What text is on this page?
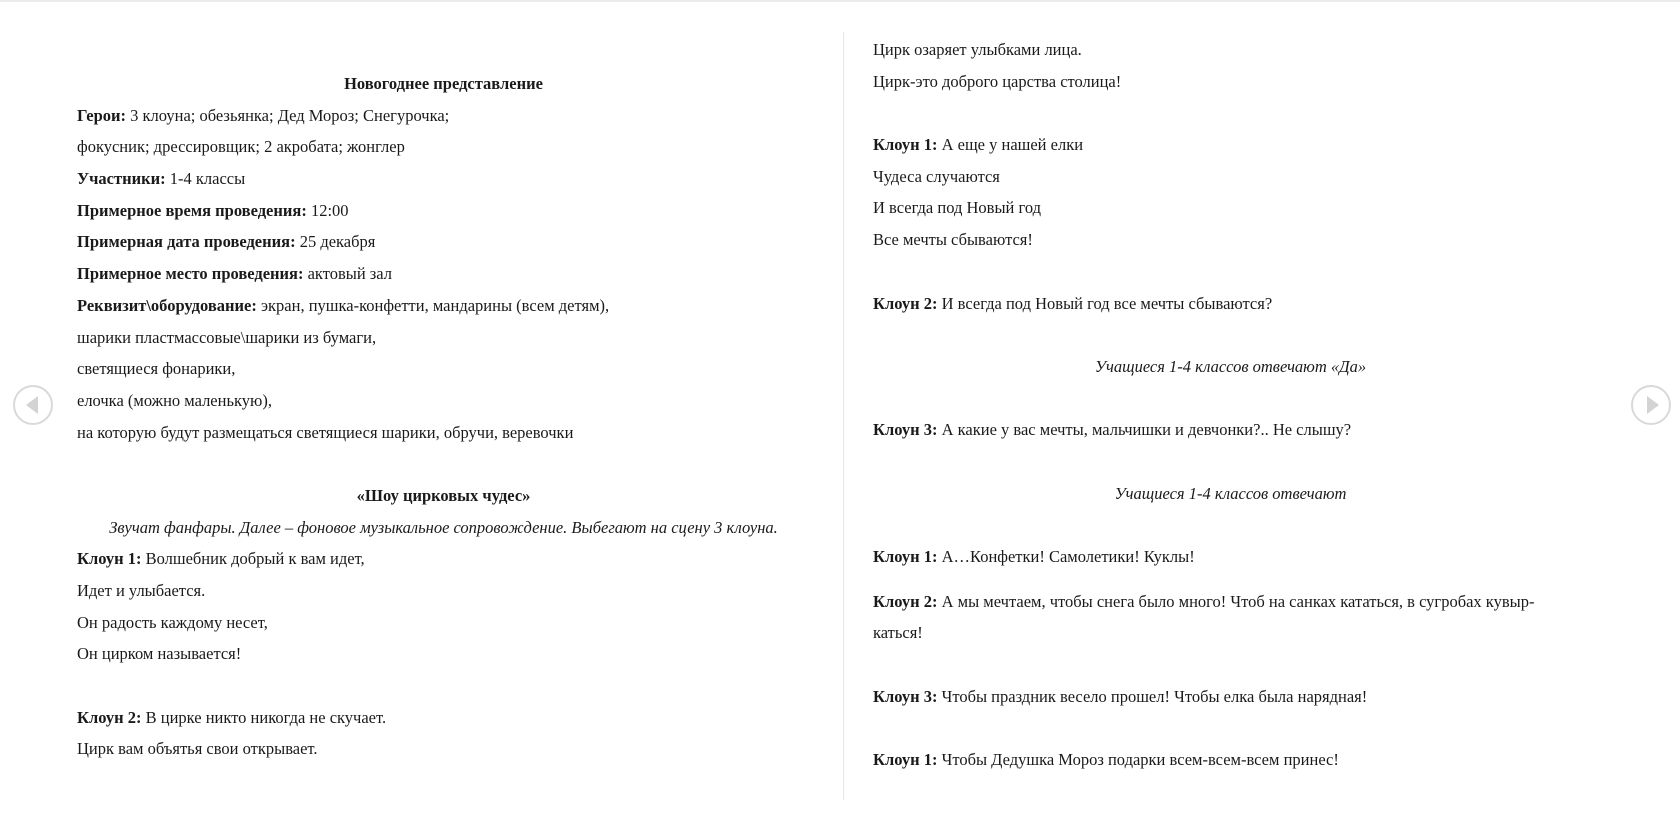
Новогоднее представление
Герои: 3 клоуна; обезьянка; Дед Мороз; Снегурочка;
фокусник; дрессировщик; 2 акробата; жонглер
Участники: 1-4 классы
Примерное время проведения: 12:00
Примерная дата проведения: 25 декабря
Примерное место проведения: актовый зал
Реквизит\оборудование: экран, пушка-конфетти, мандарины (всем детям),
шарики пластмассовые\шарики из бумаги,
светящиеся фонарики,
елочка (можно маленькую),
на которую будут размещаться светящиеся шарики, обручи, веревочки
«Шоу цирковых чудес»
Звучат фанфары. Далее – фоновое музыкальное сопровождение. Выбегают на сцену 3 клоуна.
Клоун 1: Волшебник добрый к вам идет,
Идет и улыбается.
Он радость каждому несет,
Он цирком называется!
Клоун 2: В цирке никто никогда не скучает.
Цирк вам объятья свои открывает.
Цирк озаряет улыбками лица.
Цирк-это доброго царства столица!
Клоун 1: А еще у нашей елки
Чудеса случаются
И всегда под Новый год
Все мечты сбываются!
Клоун 2: И всегда под Новый год все мечты сбываются?
Учащиеся 1-4 классов отвечают «Да»
Клоун 3: А какие у вас мечты, мальчишки и девчонки?.. Не слышу?
Учащиеся 1-4 классов отвечают
Клоун 1: А…Конфетки! Самолетики! Куклы!
Клоун 2: А мы мечтаем, чтобы снега было много! Чтоб на санках кататься, в сугробах кувыр-
каться!
Клоун 3: Чтобы праздник весело прошел! Чтобы елка была нарядная!
Клоун 1: Чтобы Дедушка Мороз подарки всем-всем-всем принес!
